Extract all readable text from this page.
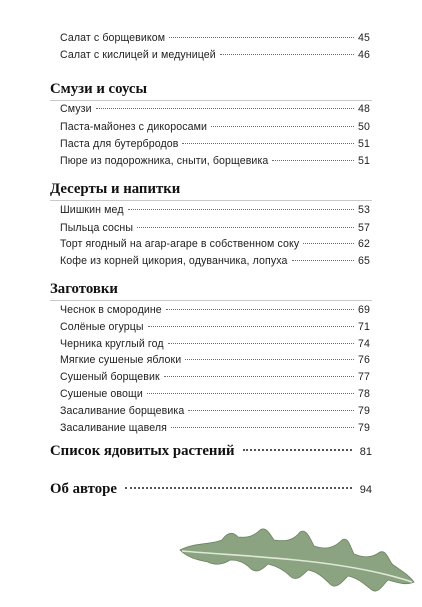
Салат с борщевиком	45
Салат с кислицей и медуницей	46
Смузи и соусы
Смузи	48
Паста-майонез с дикоросами	50
Паста для бутербродов	51
Пюре из подорожника, сныти, борщевика	51
Десерты и напитки
Шишкин мед	53
Пыльца сосны	57
Торт ягодный на агар-агаре в собственном соку	62
Кофе из корней цикория, одуванчика, лопуха	65
Заготовки
Чеснок в смородине	69
Солёные огурцы	71
Черника круглый год	74
Мягкие сушеные яблоки	76
Сушеный борщевик	77
Сушеные овощи	78
Засаливание борщевика	79
Засаливание щавеля	79
Список ядовитых растений	81
Об авторе	94
